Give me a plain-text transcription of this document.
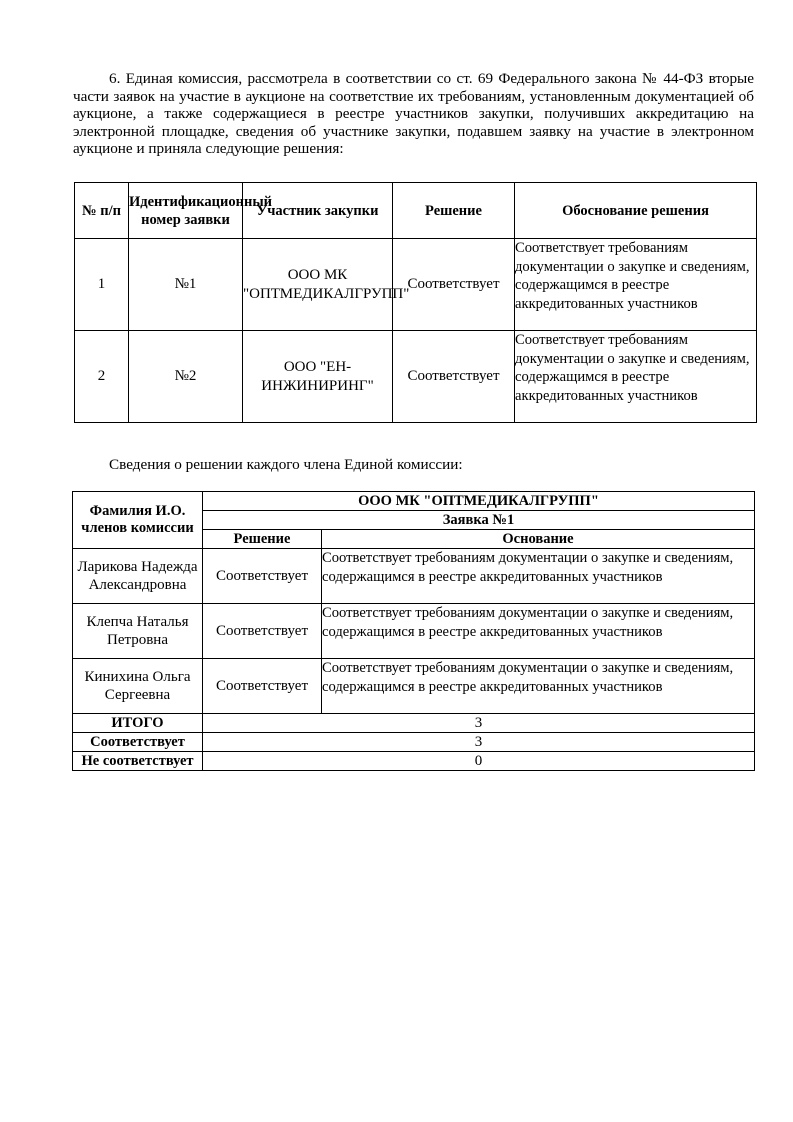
6. Единая комиссия, рассмотрела в соответствии со ст. 69 Федерального закона № 44-ФЗ вторые части заявок на участие в аукционе на соответствие их требованиям, установленным документацией об аукционе, а также содержащиеся в реестре участников закупки, получивших аккредитацию на электронной площадке, сведения об участнике закупки, подавшем заявку на участие в электронном аукционе и приняла следующие решения:

№ п/п	Идентификационный номер заявки	Участник закупки	Решение	Обоснование решения
1	№1	ООО МК "ОПТМЕДИКАЛГРУПП"	Соответствует	Соответствует требованиям документации о закупке и сведениям, содержащимся в реестре аккредитованных участников
2	№2	ООО "ЕН-ИНЖИНИРИНГ"	Соответствует	Соответствует требованиям документации о закупке и сведениям, содержащимся в реестре аккредитованных участников

Сведения о решении каждого члена Единой комиссии:

Фамилия И.О. членов комиссии	ООО МК "ОПТМЕДИКАЛГРУПП"	
	Заявка №1	
	Решение	Основание
Ларикова Надежда Александровна	Соответствует	Соответствует требованиям документации о закупке и сведениям, содержащимся в реестре аккредитованных участников
Клепча Наталья Петровна	Соответствует	Соответствует требованиям документации о закупке и сведениям, содержащимся в реестре аккредитованных участников
Кинихина Ольга Сергеевна	Соответствует	Соответствует требованиям документации о закупке и сведениям, содержащимся в реестре аккредитованных участников
ИТОГО	3	
Соответствует	3	
Не соответствует	0	
